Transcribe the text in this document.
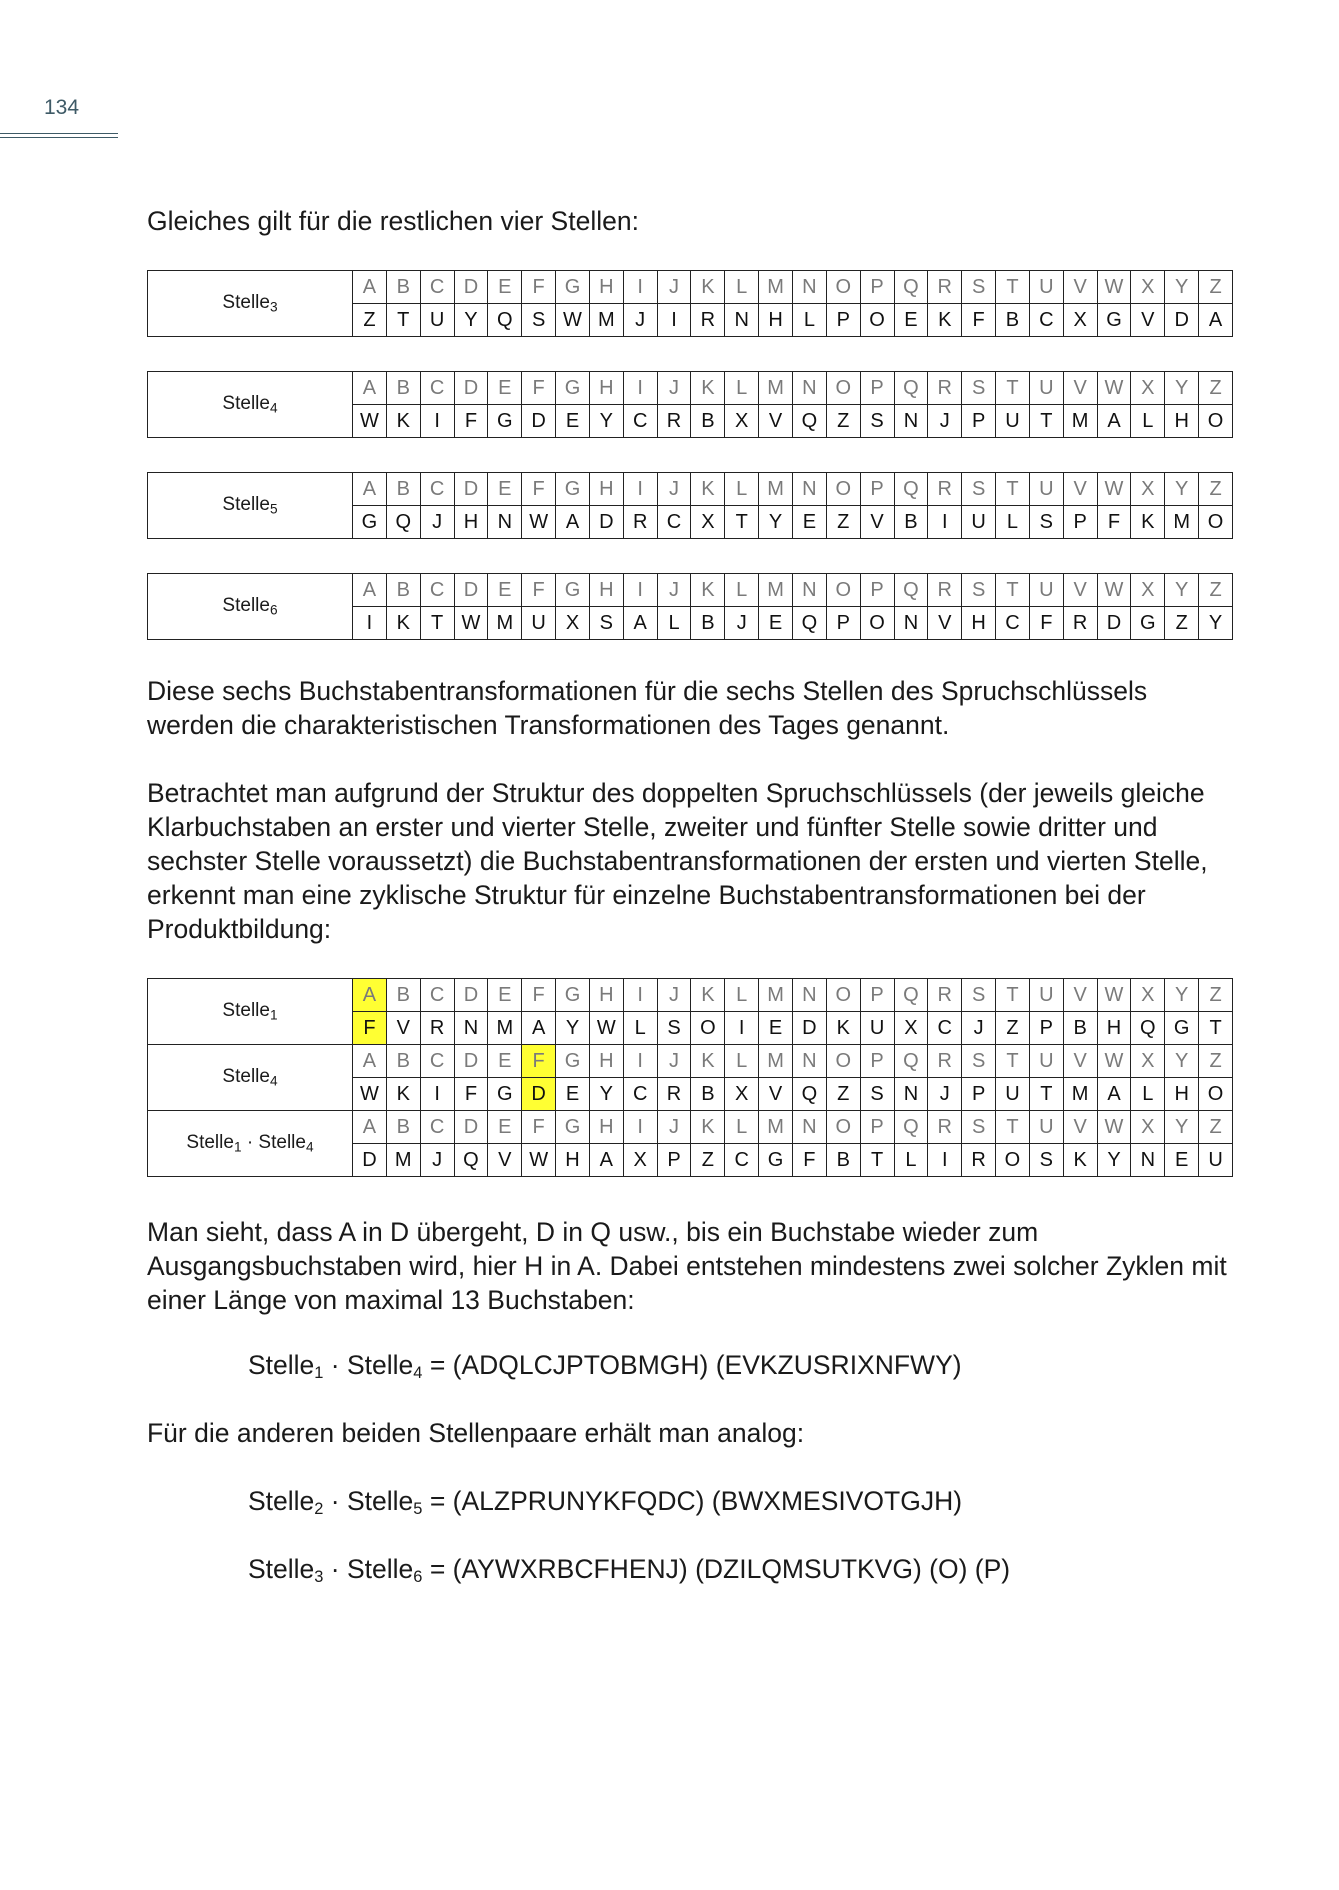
134

Gleiches gilt für die restlichen vier Stellen:

Stelle$_3$	A	B	C	D	E	F	G	H	I	J	K	L	M	N	O	P	Q	R	S	T	U	V	W	X	Y	Z
	Z	T	U	Y	Q	S	W	M	J	I	R	N	H	L	P	O	E	K	F	B	C	X	G	V	D	A
Stelle$_4$	A	B	C	D	E	F	G	H	I	J	K	L	M	N	O	P	Q	R	S	T	U	V	W	X	Y	Z
	W	K	I	F	G	D	E	Y	C	R	B	X	V	Q	Z	S	N	J	P	U	T	M	A	L	H	O
Stelle$_5$	A	B	C	D	E	F	G	H	I	J	K	L	M	N	O	P	Q	R	S	T	U	V	W	X	Y	Z
	G	Q	J	H	N	W	A	D	R	C	X	T	Y	E	Z	V	B	I	U	L	S	P	F	K	M	O
Stelle$_6$	A	B	C	D	E	F	G	H	I	J	K	L	M	N	O	P	Q	R	S	T	U	V	W	X	Y	Z
	I	K	T	W	M	U	X	S	A	L	B	J	E	Q	P	O	N	V	H	C	F	R	D	G	Z	Y
Stelle$_1$	A	B	C	D	E	F	G	H	I	J	K	L	M	N	O	P	Q	R	S	T	U	V	W	X	Y	Z
	F	V	R	N	M	A	Y	W	L	S	O	I	E	D	K	U	X	C	J	Z	P	B	H	Q	G	T
Stelle$_4$	A	B	C	D	E	F	G	H	I	J	K	L	M	N	O	P	Q	R	S	T	U	V	W	X	Y	Z
	W	K	I	F	G	D	E	Y	C	R	B	X	V	Q	Z	S	N	J	P	U	T	M	A	L	H	O
Stelle$_1$ · Stelle$_4$	A	B	C	D	E	F	G	H	I	J	K	L	M	N	O	P	Q	R	S	T	U	V	W	X	Y	Z
	D	M	J	Q	V	W	H	A	X	P	Z	C	G	F	B	T	L	I	R	O	S	K	Y	N	E	U

Diese sechs Buchstabentransformationen für die sechs Stellen des Spruchschlüssels werden die charakteristischen Transformationen des Tages genannt.

Betrachtet man aufgrund der Struktur des doppelten Spruchschlüssels (der jeweils gleiche Klarbuchstaben an erster und vierter Stelle, zweiter und fünfter Stelle sowie dritter und sechster Stelle voraussetzt) die Buchstabentransformationen der ersten und vierten Stelle, erkennt man eine zyklische Struktur für einzelne Buchstabentransformationen bei der Produktbildung:

Man sieht, dass A in D übergeht, D in Q usw., bis ein Buchstabe wieder zum Ausgangsbuchstaben wird, hier H in A. Dabei entstehen mindestens zwei solcher Zyklen mit einer Länge von maximal 13 Buchstaben:

Stelle$_1$ · Stelle$_4$ = (ADQLCJPTOBMGH) (EVKZUSRIXNFWY)

Für die anderen beiden Stellenpaare erhält man analog:

Stelle$_2$ · Stelle$_5$ = (ALZPRUNYKFQDC) (BWXMESIVOTGJH)
Stelle$_3$ · Stelle$_6$ = (AYWXRBCFHENJ) (DZILQMSUTKVG) (O) (P)
